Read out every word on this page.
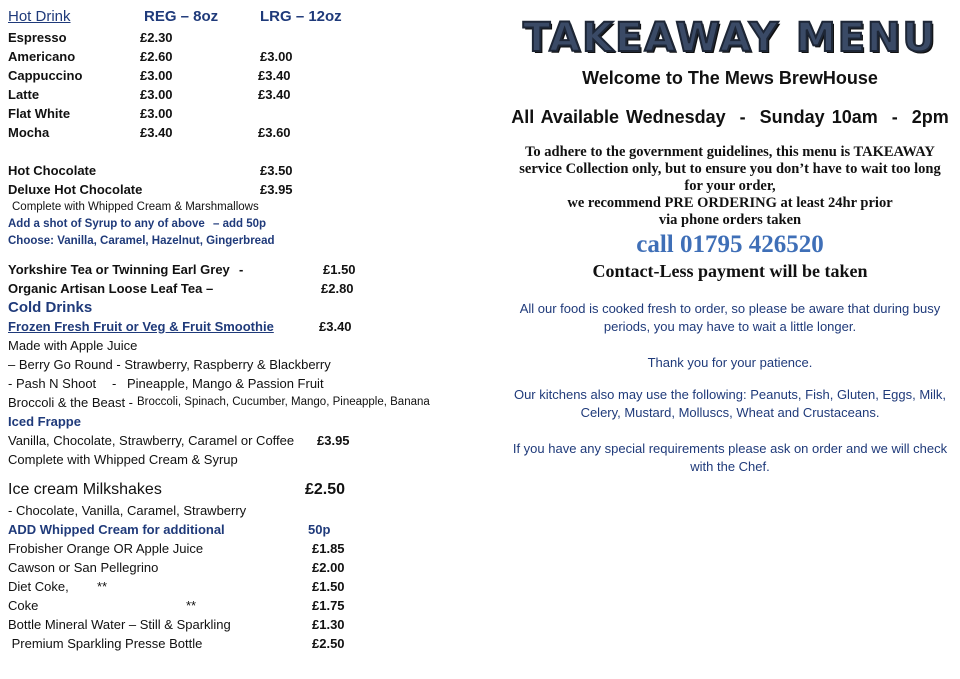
Hot Drink	REG – 8oz	LRG – 12oz
Espresso	£2.30
Americano	£2.60	£3.00
Cappuccino	£3.00	£3.40
Latte	£3.00	£3.40
Flat White	£3.00
Mocha	£3.40	£3.60
Hot Chocolate	£3.50
Deluxe Hot Chocolate	£3.95
Complete with Whipped Cream & Marshmallows
Add a shot of Syrup to any of above – add 50p
Choose: Vanilla, Caramel, Hazelnut, Gingerbread
Yorkshire Tea or Twinning Earl Grey -	£1.50
Organic Artisan Loose Leaf Tea –	£2.80
Cold Drinks
Frozen Fresh Fruit or Veg & Fruit Smoothie	£3.40
Made with Apple Juice
– Berry Go Round - Strawberry, Raspberry & Blackberry
- Pash N Shoot - Pineapple, Mango & Passion Fruit
Broccoli & the Beast - Broccoli, Spinach, Cucumber, Mango, Pineapple, Banana
Iced Frappe
Vanilla, Chocolate, Strawberry, Caramel or Coffee £3.95
Complete with Whipped Cream & Syrup
Ice cream Milkshakes	£2.50
- Chocolate, Vanilla, Caramel, Strawberry
ADD Whipped Cream for additional	50p
Frobisher Orange OR Apple Juice	£1.85
Cawson or San Pellegrino	£2.00
Diet Coke, **	£1.50
Coke	**	£1.75
Bottle Mineral Water – Still & Sparkling	£1.30
Premium Sparkling Presse Bottle	£2.50
TAKEAWAY MENU
Welcome to The Mews BrewHouse
All Available Wednesday  -  Sunday 10am  -  2pm
To adhere to the government guidelines, this menu is TAKEAWAY
service Collection only, but to ensure you don’t have to wait too long
for your order,
we recommend PRE ORDERING at least 24hr prior
via phone orders taken
call 01795 426520
Contact-Less payment will be taken
All our food is cooked fresh to order, so please be aware that during busy
periods, you may have to wait a little longer.
Thank you for your patience.
Our kitchens also may use the following: Peanuts, Fish, Gluten, Eggs, Milk,
Celery, Mustard, Molluscs, Wheat and Crustaceans.
If you have any special requirements please ask on order and we will check
with the Chef.
